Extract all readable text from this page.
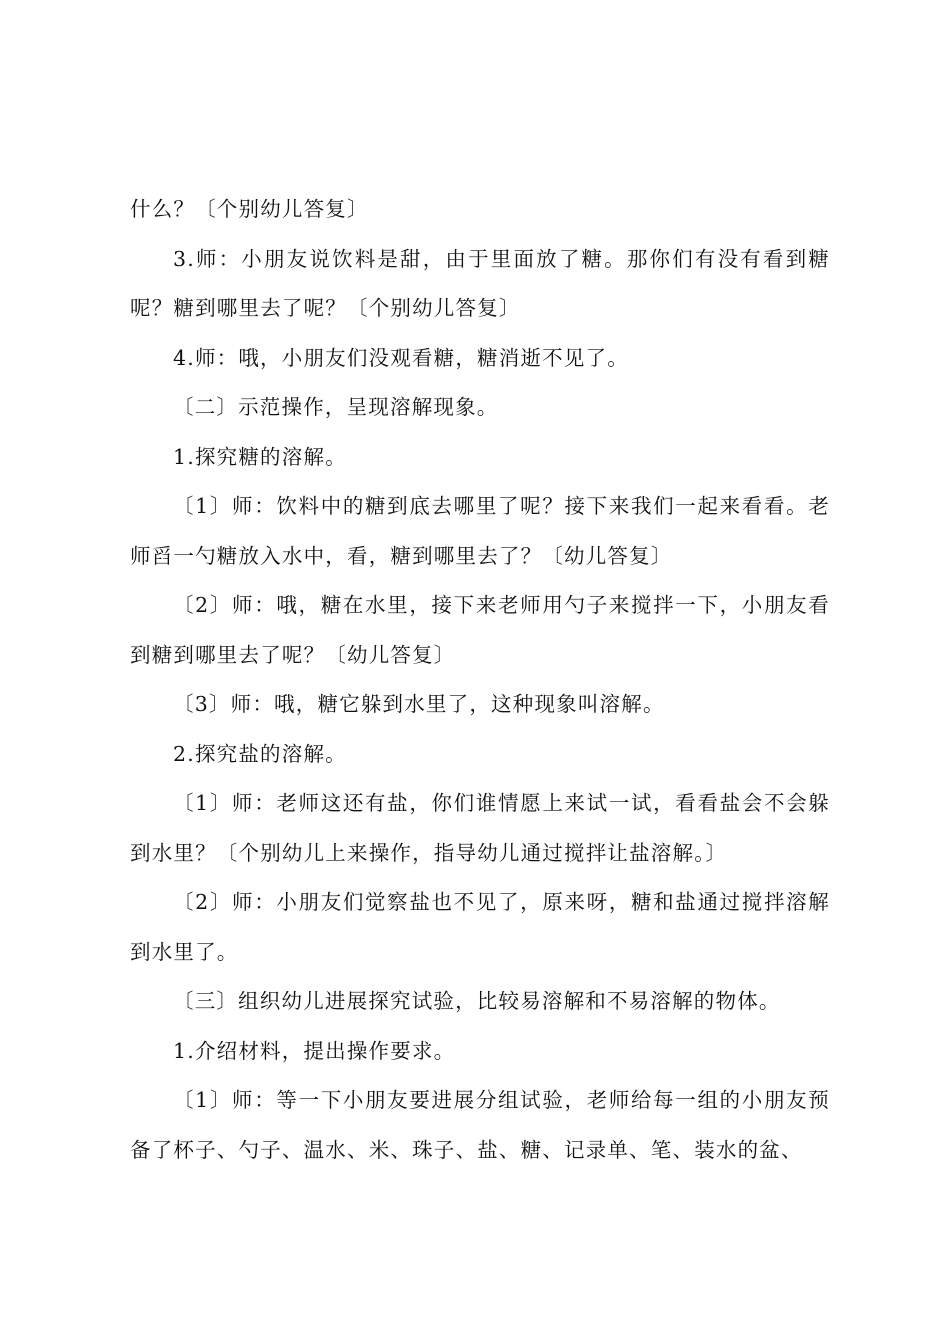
什么？〔个别幼儿答复〕

3.师：小朋友说饮料是甜，由于里面放了糖。那你们有没有看到糖呢？糖到哪里去了呢？〔个别幼儿答复〕

4.师：哦，小朋友们没观看糖，糖消逝不见了。

〔二〕示范操作，呈现溶解现象。

1.探究糖的溶解。

〔1〕师：饮料中的糖到底去哪里了呢？接下来我们一起来看看。老师舀一勺糖放入水中，看，糖到哪里去了？〔幼儿答复〕

〔2〕师：哦，糖在水里，接下来老师用勺子来搅拌一下，小朋友看到糖到哪里去了呢？〔幼儿答复〕

〔3〕师：哦，糖它躲到水里了，这种现象叫溶解。

2.探究盐的溶解。

〔1〕师：老师这还有盐，你们谁情愿上来试一试，看看盐会不会躲到水里？〔个别幼儿上来操作，指导幼儿通过搅拌让盐溶解。〕

〔2〕师：小朋友们觉察盐也不见了，原来呀，糖和盐通过搅拌溶解到水里了。

〔三〕组织幼儿进展探究试验，比较易溶解和不易溶解的物体。

1.介绍材料，提出操作要求。

〔1〕师：等一下小朋友要进展分组试验，老师给每一组的小朋友预备了杯子、勺子、温水、米、珠子、盐、糖、记录单、笔、装水的盆、
